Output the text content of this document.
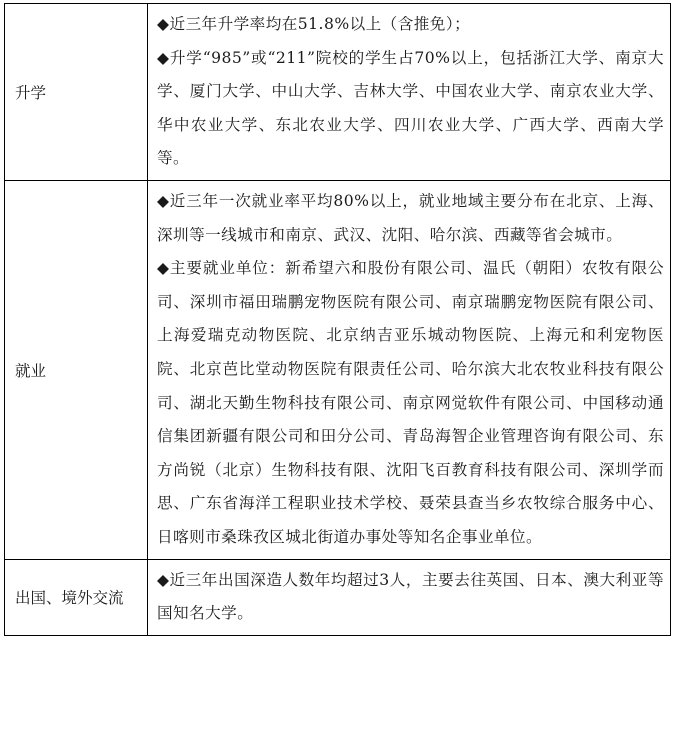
升学	◆近三年升学率均在51.8%以上（含推免）；

◆升学“985”或“211”院校的学生占70%以上，包括浙江大学、南京大学、厦门大学、中山大学、吉林大学、中国农业大学、南京农业大学、华中农业大学、东北农业大学、四川农业大学、广西大学、西南大学等。

就业	◆近三年一次就业率平均80%以上，就业地域主要分布在北京、上海、深圳等一线城市和南京、武汉、沈阳、哈尔滨、西藏等省会城市。

◆主要就业单位：新希望六和股份有限公司、温氏（朝阳）农牧有限公司、深圳市福田瑞鹏宠物医院有限公司、南京瑞鹏宠物医院有限公司、上海爱瑞克动物医院、北京纳吉亚乐城动物医院、上海元和利宠物医院、北京芭比堂动物医院有限责任公司、哈尔滨大北农牧业科技有限公司、湖北天勤生物科技有限公司、南京网觉软件有限公司、中国移动通信集团新疆有限公司和田分公司、青岛海智企业管理咨询有限公司、东方尚锐（北京）生物科技有限、沈阳飞百教育科技有限公司、深圳学而思、广东省海洋工程职业技术学校、聂荣县查当乡农牧综合服务中心、日喀则市桑珠孜区城北街道办事处等知名企事业单位。

出国、境外交流	◆近三年出国深造人数年均超过3人，主要去往英国、日本、澳大利亚等国知名大学。
